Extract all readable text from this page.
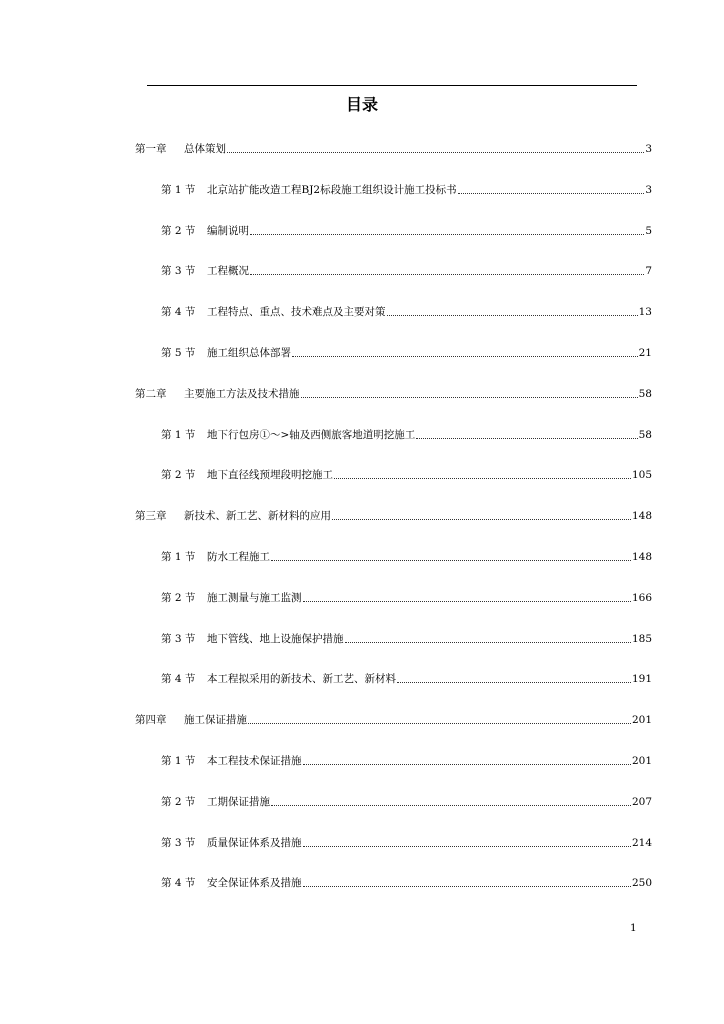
目录
第一章	总体策划	3
第 1 节	北京站扩能改造工程BJ2标段施工组织设计施工投标书	3
第 2 节	编制说明	5
第 3 节	工程概况	7
第 4 节	工程特点、重点、技术难点及主要对策	13
第 5 节	施工组织总体部署	21
第二章	主要施工方法及技术措施	58
第 1 节	地下行包房①～>轴及西侧旅客地道明挖施工	58
第 2 节	地下直径线预埋段明挖施工	105
第三章	新技术、新工艺、新材料的应用	148
第 1 节	防水工程施工	148
第 2 节	施工测量与施工监测	166
第 3 节	地下管线、地上设施保护措施	185
第 4 节	本工程拟采用的新技术、新工艺、新材料	191
第四章	施工保证措施	201
第 1 节	本工程技术保证措施	201
第 2 节	工期保证措施	207
第 3 节	质量保证体系及措施	214
第 4 节	安全保证体系及措施	250
1
